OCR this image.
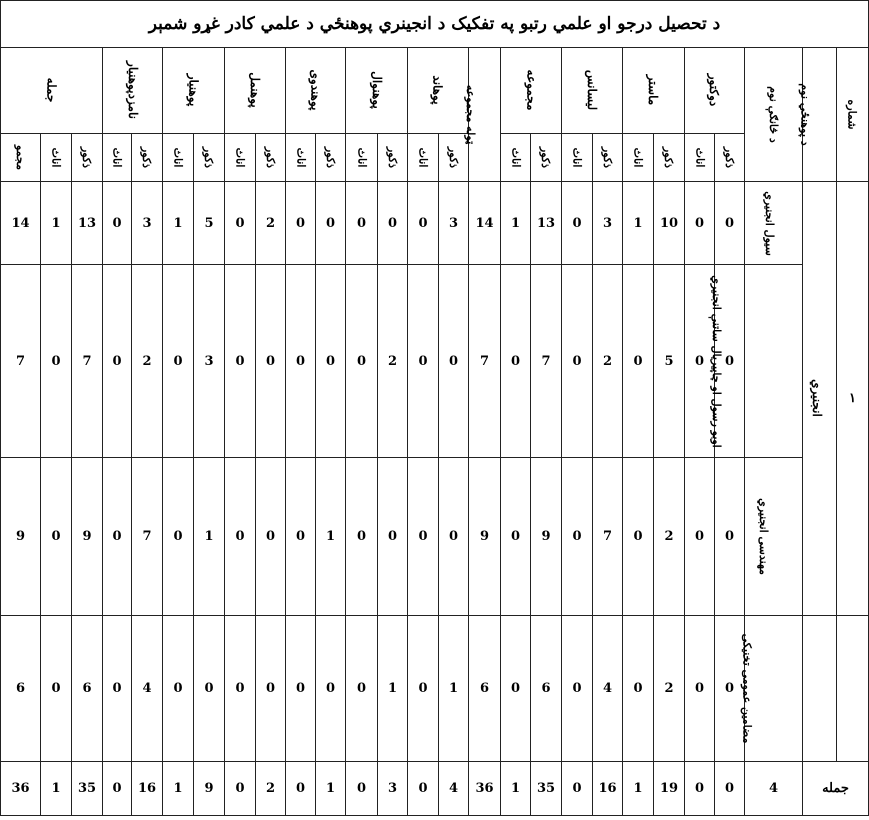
د تحصیل درجو او علمي رتبو په تفکیک د انجینري پوهنځي د علمي کادر غړو شمېر																										
شماره	د پوهنځي نوم	د څانګې نوم	دوکتور		ماستر		لیسانس		مجموعه		ټوله مجموعه	پوهاند		پوهنوال		پوهندوی		پوهنمل		پوهنیار		نامزدپوهنیار		جمله		
			ذکور	اناث	ذکور	اناث	ذکور	اناث	ذکور	اناث		ذکور	اناث	ذکور	اناث	ذکور	اناث	ذکور	اناث	ذکور	اناث	ذکور	اناث	ذکور	اناث	مجمو
۱	انجنیري	سیول انجنیري	0	0	10	1	3	0	13	1	14	3	0	0	0	0	0	2	0	5	1	3	0	13	1	14
		اوبو رسول او چاپیریال ساتنې انجنیري	0	0	5	0	2	0	7	0	7	0	0	2	0	0	0	0	0	3	0	2	0	7	0	7
		مهندسی انجنیري	0	0	2	0	7	0	9	0	9	0	0	0	0	1	0	0	0	1	0	7	0	9	0	9
		مضامین عمومی تخنیکی	0	0	2	0	4	0	6	0	6	1	0	1	0	0	0	0	0	0	0	4	0	6	0	6
جمله		4	0	0	19	1	16	0	35	1	36	4	0	3	0	1	0	2	0	9	1	16	0	35	1	36
